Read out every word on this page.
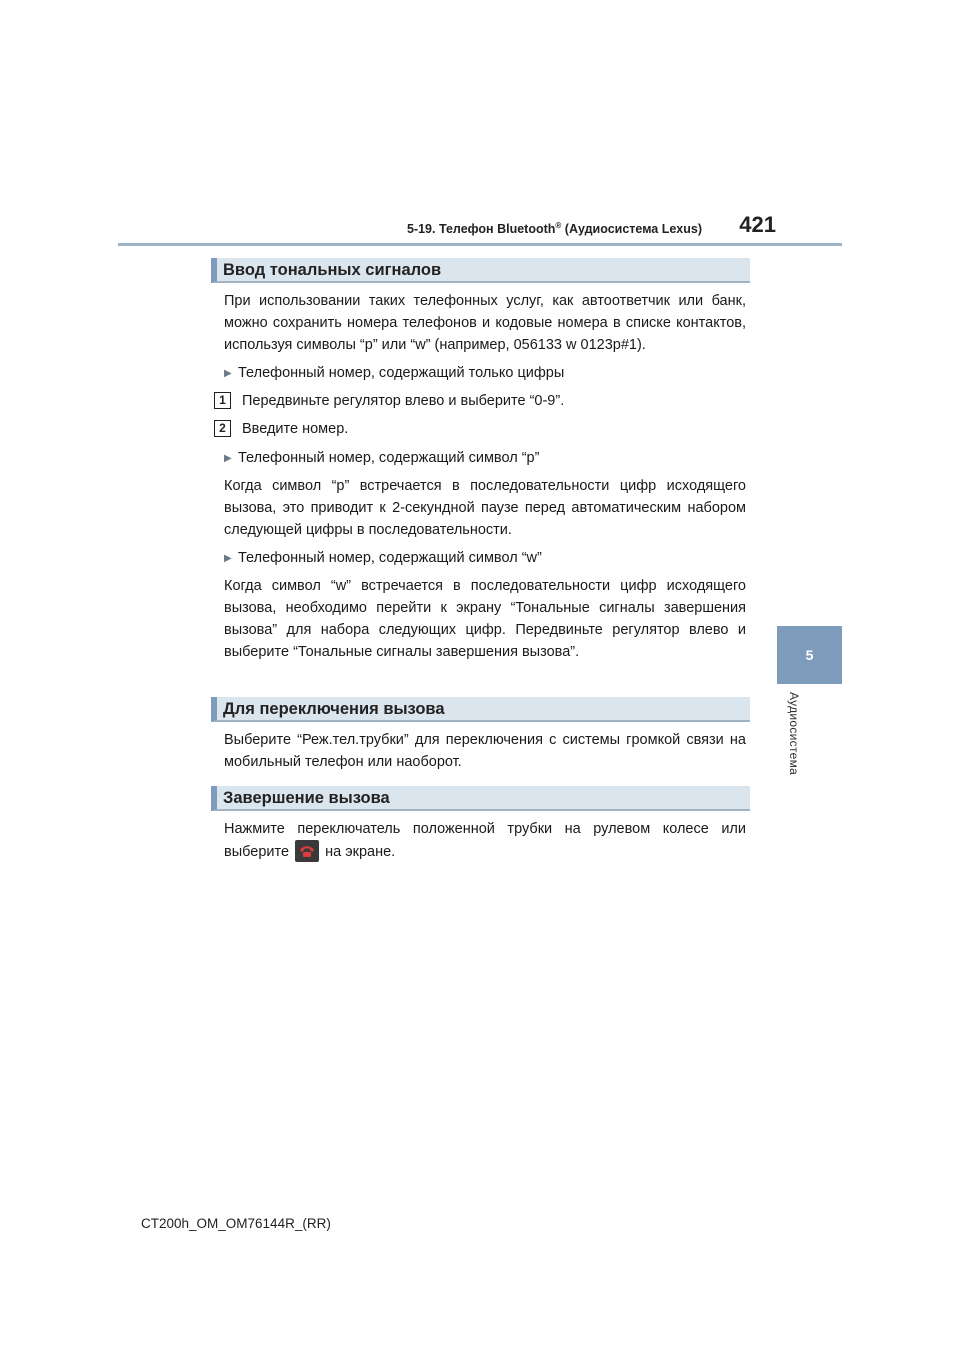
5-19. Телефон Bluetooth® (Аудиосистема Lexus)	421
5
Аудиосистема
Ввод тональных сигналов
При использовании таких телефонных услуг, как автоответчик или банк, можно сохранить номера телефонов и кодовые номера в списке контактов, используя символы “p” или “w” (например, 056133 w 0123p#1).
▶ Телефонный номер, содержащий только цифры
1	Передвиньте регулятор влево и выберите “0-9”.
2	Введите номер.
▶ Телефонный номер, содержащий символ “p”
Когда символ “p” встречается в последовательности цифр исходящего вызова, это приводит к 2-секундной паузе перед автоматическим набором следующей цифры в последовательности.
▶ Телефонный номер, содержащий символ “w”
Когда символ “w” встречается в последовательности цифр исходящего вызова, необходимо перейти к экрану “Тональные сигналы завершения вызова” для набора следующих цифр. Передвиньте регулятор влево и выберите “Тональные сигналы завершения вызова”.
Для переключения вызова
Выберите “Реж.тел.трубки” для переключения с системы громкой связи на мобильный телефон или наоборот.
Завершение вызова
Нажмите переключатель положенной трубки на рулевом колесе или выберите на экране.
CT200h_OM_OM76144R_(RR)
